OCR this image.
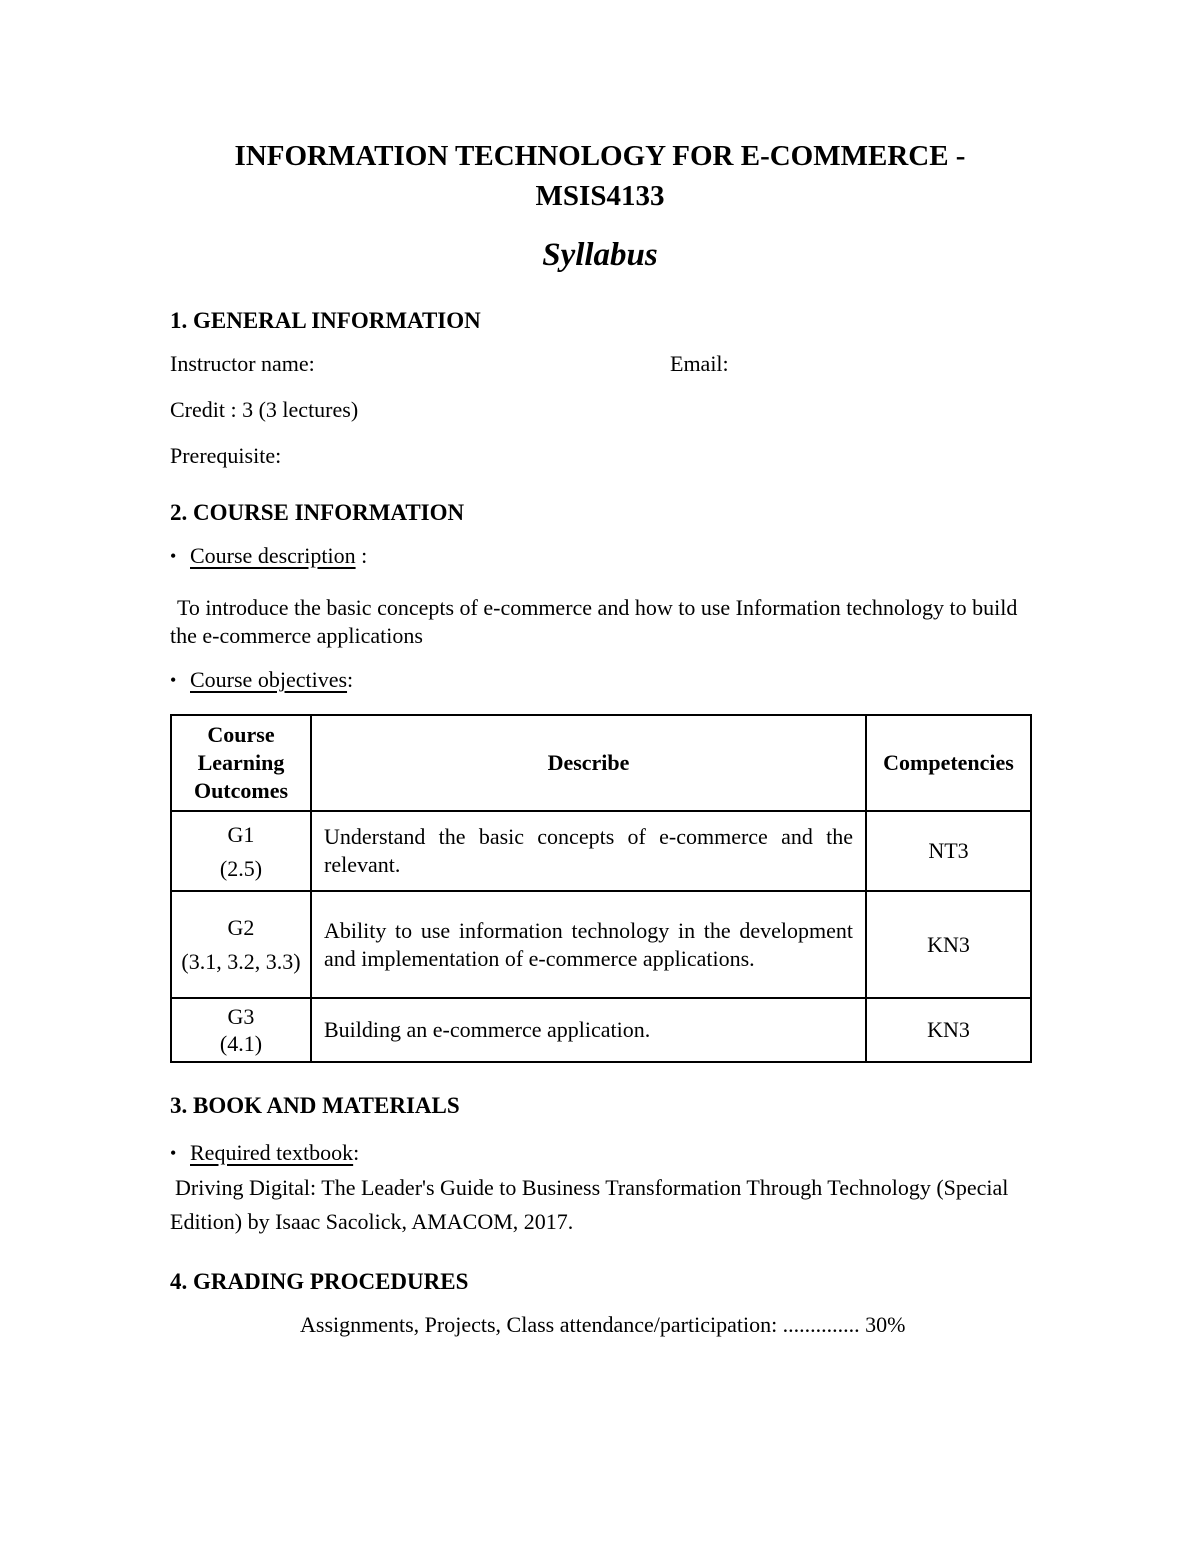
INFORMATION TECHNOLOGY FOR E-COMMERCE -
MSIS4133
Syllabus
1. GENERAL INFORMATION
Instructor name:	Email:

Credit : 3 (3 lectures)

Prerequisite:

2. COURSE INFORMATION

• Course description :

To introduce the basic concepts of e-commerce and how to use Information technology to build the e-commerce applications

• Course objectives:

Course Learning Outcomes	Describe	Competencies

G1
(2.5)	Understand the basic concepts of e-commerce and the relevant.	NT3

G2
(3.1, 3.2, 3.3)	Ability to use information technology in the development and implementation of e-commerce applications.	KN3

G3
(4.1)	Building an e-commerce application.	KN3
3. BOOK AND MATERIALS

• Required textbook:

Driving Digital: The Leader's Guide to Business Transformation Through Technology (Special Edition) by Isaac Sacolick, AMACOM, 2017.

4. GRADING PROCEDURES

Assignments, Projects, Class attendance/participation: .............. 30%
